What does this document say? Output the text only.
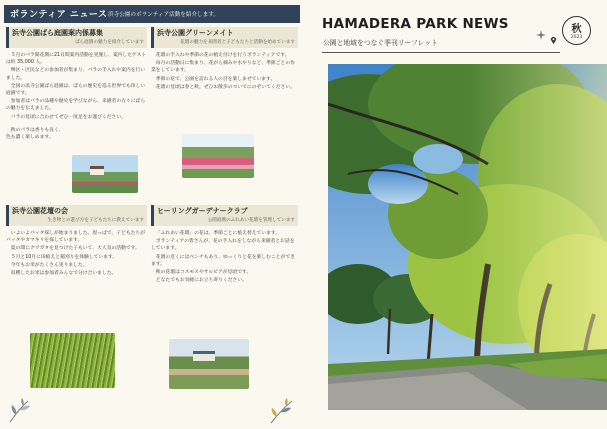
ボランティア ニュース 浜寺公園のボランティア活動を紹介します。
浜寺公園ばら庭園案内係募集
ばら庭園の魅力を紹介しています

５月のバラ開花期に21日間案内活動を実施し、案内したゲストは約 35,000 人。

堺区・区民などの参加者が集まり、バラの手入れや案内を行いました。

全国の浜寺公園ばら庭園は、ばらの歴史を巡る世界でも珍しい庭園です。

参加者はバラの品種や歴史を学びながら、来園者の方々にばらの魅力を伝えました。

バラの見頃に合わせてぜひ一度足をお運びください。

秋のバラは香りも良く、色も濃く楽しめます。

浜寺公園花壇の会
生き物との遊び方を子どもたちに教えています

いよいよバッタ探しが始まりました。原っぱで、子どもたちがバッタやカマキリを探しています。

夏の間にクワガタを見つけた子もいて、大人気の活動です。

５月と10月に田植えと稲刈りを体験しています。

今年もお米がたくさん実りました。

収穫したお米は参加者みんなで分け合いました。

浜寺公園グリーンメイト
花壇の魅力を来園者と子どもたちと活動を始めています

花壇の手入れや季節の花の植え付けを行うボランティアです。

毎月の活動日に集まり、花がら摘みや水やりなど、季節ごとの作業をしています。

季節の花で、公園を訪れる人の目を楽しませています。

花壇の見頃は春と秋。ぜひお散歩のついでにのぞいてください。

ヒーリングガーデナークラブ
公園庭園のふれあい花壇を管理しています

「ふれあい花壇」の花は、季節ごとに植え替えています。

ボランティアの皆さんが、花の手入れをしながら来園者とお話をしています。

花壇の近くにはベンチもあり、ゆっくりと花を楽しむことができます。

秋の花壇はコスモスやサルビアが見頃です。

どなたでもお気軽にお立ち寄りください。

HAMADERA PARK NEWS
公園と地域をつなぐ季刊リーフレット
秋
2023
